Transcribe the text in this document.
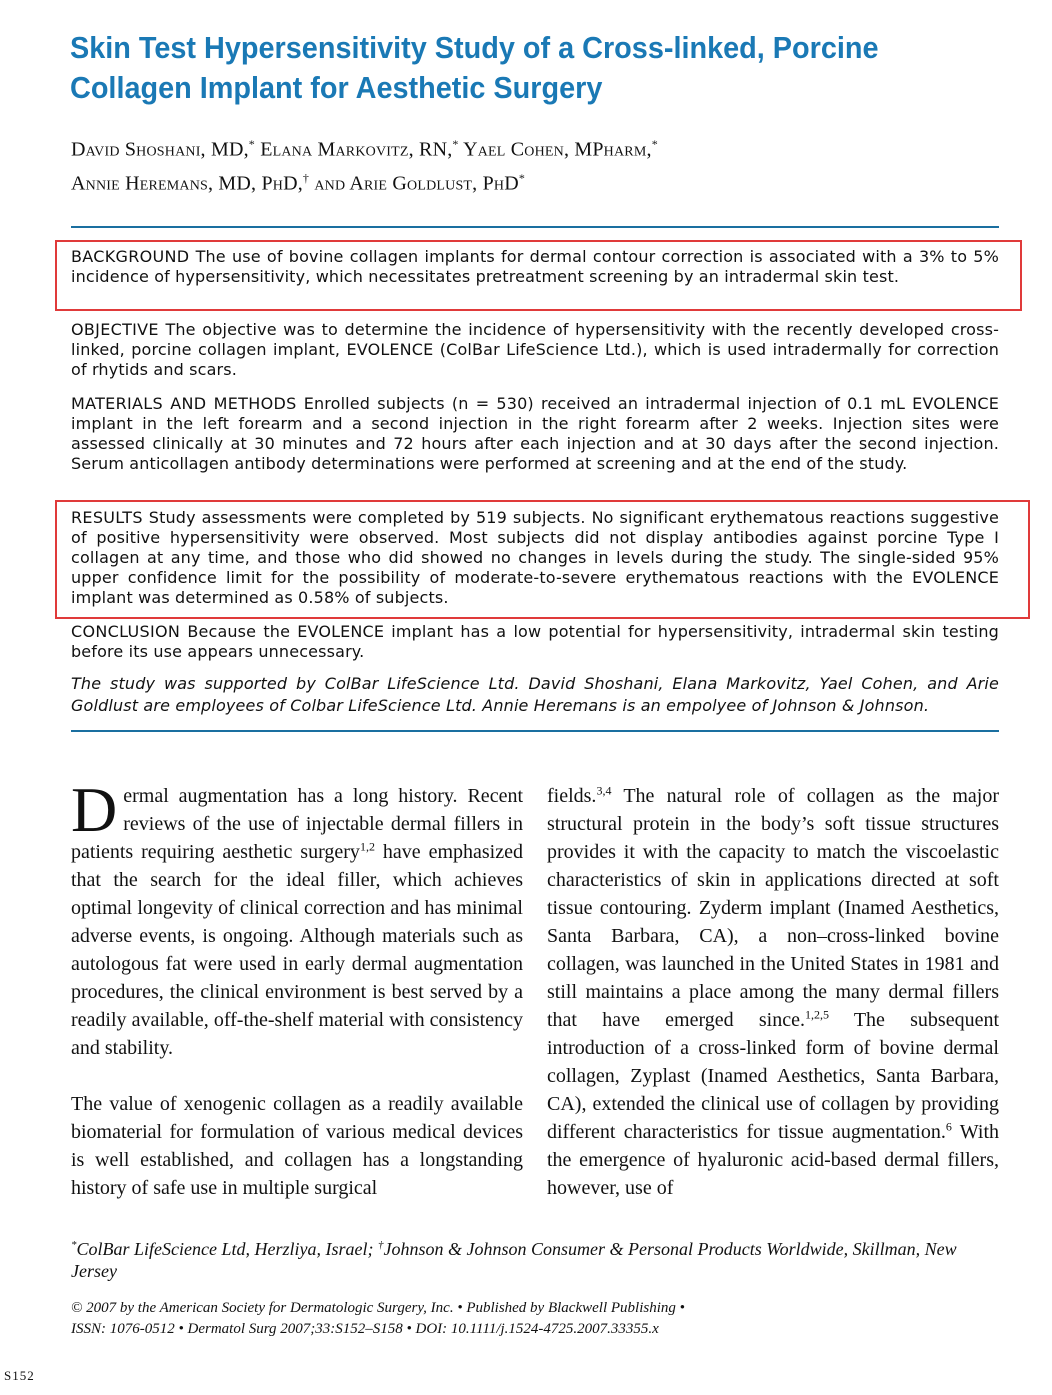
Skin Test Hypersensitivity Study of a Cross-linked, Porcine Collagen Implant for Aesthetic Surgery
David Shoshani, MD,* Elana Markovitz, RN,* Yael Cohen, MPharm,*
Annie Heremans, MD, PhD,† and Arie Goldlust, PhD*
BACKGROUND The use of bovine collagen implants for dermal contour correction is associated with a 3% to 5% incidence of hypersensitivity, which necessitates pretreatment screening by an intradermal skin test.
OBJECTIVE The objective was to determine the incidence of hypersensitivity with the recently developed cross-linked, porcine collagen implant, EVOLENCE (ColBar LifeScience Ltd.), which is used intradermally for correction of rhytids and scars.
MATERIALS AND METHODS Enrolled subjects (n = 530) received an intradermal injection of 0.1 mL EVOLENCE implant in the left forearm and a second injection in the right forearm after 2 weeks. Injection sites were assessed clinically at 30 minutes and 72 hours after each injection and at 30 days after the second injection. Serum anticollagen antibody determinations were performed at screening and at the end of the study.
RESULTS Study assessments were completed by 519 subjects. No significant erythematous reactions suggestive of positive hypersensitivity were observed. Most subjects did not display antibodies against porcine Type I collagen at any time, and those who did showed no changes in levels during the study. The single-sided 95% upper confidence limit for the possibility of moderate-to-severe erythematous reactions with the EVOLENCE implant was determined as 0.58% of subjects.
CONCLUSION Because the EVOLENCE implant has a low potential for hypersensitivity, intradermal skin testing before its use appears unnecessary.
The study was supported by ColBar LifeScience Ltd. David Shoshani, Elana Markovitz, Yael Cohen, and Arie Goldlust are employees of Colbar LifeScience Ltd. Annie Heremans is an empolyee of Johnson & Johnson.

Dermal augmentation has a long history. Recent reviews of the use of injectable dermal fillers in patients requiring aesthetic surgery$^{1,2}$ have emphasized that the search for the ideal filler, which achieves optimal longevity of clinical correction and has minimal adverse events, is ongoing. Although materials such as autologous fat were used in early dermal augmentation procedures, the clinical environment is best served by a readily available, off-the-shelf material with consistency and stability.

The value of xenogenic collagen as a readily available biomaterial for formulation of various medical devices is well established, and collagen has a longstanding history of safe use in multiple surgical

fields.$^{3,4}$ The natural role of collagen as the major structural protein in the body’s soft tissue structures provides it with the capacity to match the viscoelastic characteristics of skin in applications directed at soft tissue contouring. Zyderm implant (Inamed Aesthetics, Santa Barbara, CA), a non–cross-linked bovine collagen, was launched in the United States in 1981 and still maintains a place among the many dermal fillers that have emerged since.$^{1,2,5}$ The subsequent introduction of a cross-linked form of bovine dermal collagen, Zyplast (Inamed Aesthetics, Santa Barbara, CA), extended the clinical use of collagen by providing different characteristics for tissue augmentation.$^6$ With the emergence of hyaluronic acid-based dermal fillers, however, use of

*ColBar LifeScience Ltd, Herzliya, Israel; †Johnson & Johnson Consumer & Personal Products Worldwide, Skillman, New Jersey
© 2007 by the American Society for Dermatologic Surgery, Inc. • Published by Blackwell Publishing •
ISSN: 1076-0512 • Dermatol Surg 2007;33:S152–S158 • DOI: 10.1111/j.1524-4725.2007.33355.x
S152
